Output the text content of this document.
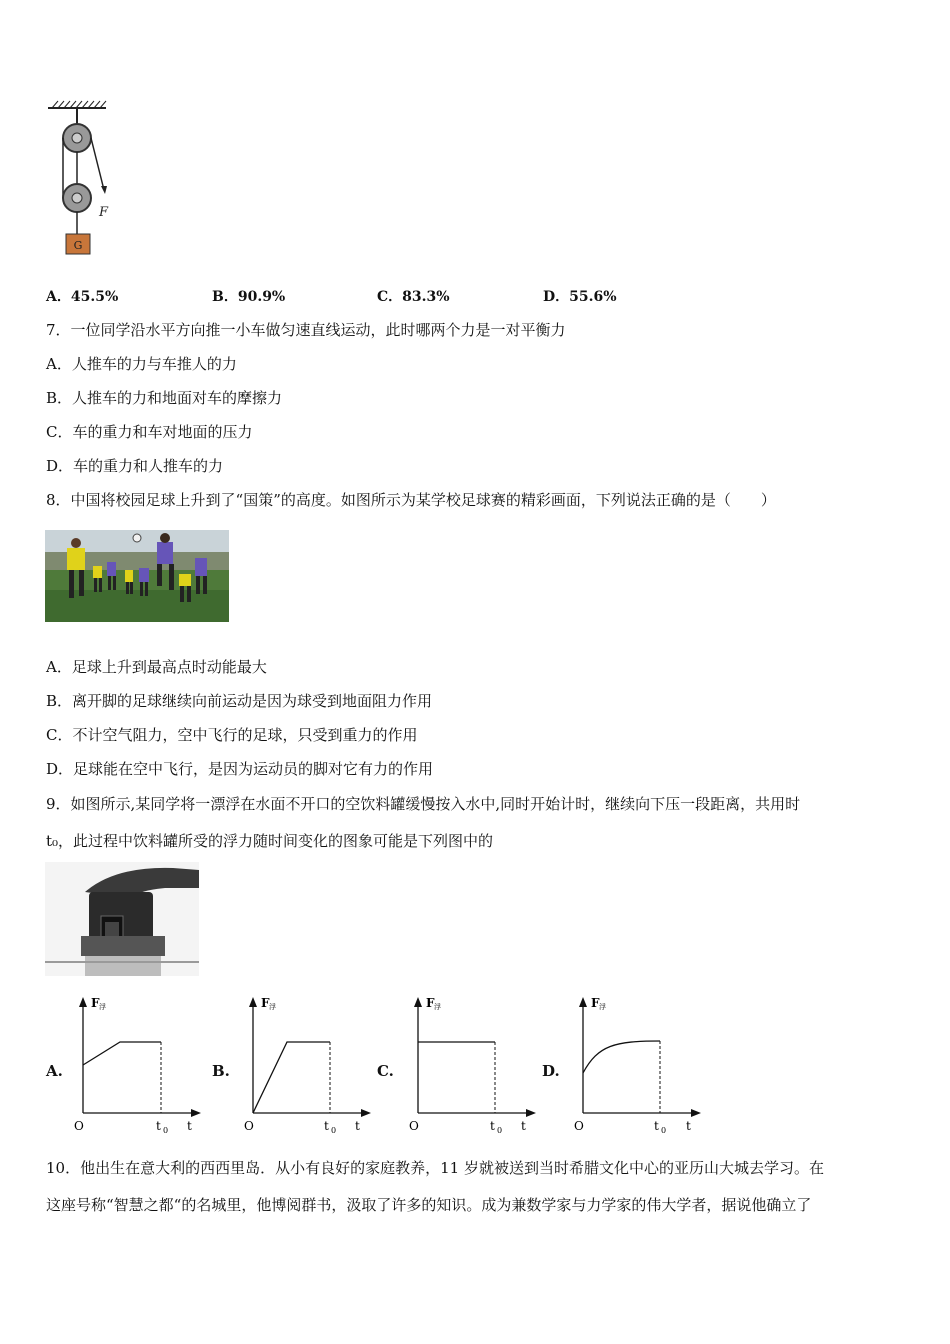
F
G
A．45.5%	B．90.9%	C．83.3%	D．55.6%
7．一位同学沿水平方向推一小车做匀速直线运动，此时哪两个力是一对平衡力
A．人推车的力与车推人的力
B．人推车的力和地面对车的摩擦力
C．车的重力和车对地面的压力
D．车的重力和人推车的力
8．中国将校园足球上升到了“国策”的高度。如图所示为某学校足球赛的精彩画面，下列说法正确的是（　　）
A．足球上升到最高点时动能最大
B．离开脚的足球继续向前运动是因为球受到地面阻力作用
C．不计空气阻力，空中飞行的足球，只受到重力的作用
D．足球能在空中飞行，是因为运动员的脚对它有力的作用
9．如图所示,某同学将一漂浮在水面不开口的空饮料罐缓慢按入水中,同时开始计时，继续向下压一段距离，共用时
t₀，此过程中饮料罐所受的浮力随时间变化的图象可能是下列图中的
A.	B.	C.	D.
F 浮
O	t 0 t
F 浮
O	t 0 t
F 浮
O	t 0 t
F 浮
O	t 0 t
10．他出生在意大利的西西里岛．从小有良好的家庭教养，11 岁就被送到当时希腊文化中心的亚历山大城去学习。在
这座号称“智慧之都“的名城里，他博阅群书，汲取了许多的知识。成为兼数学家与力学家的伟大学者，据说他确立了
